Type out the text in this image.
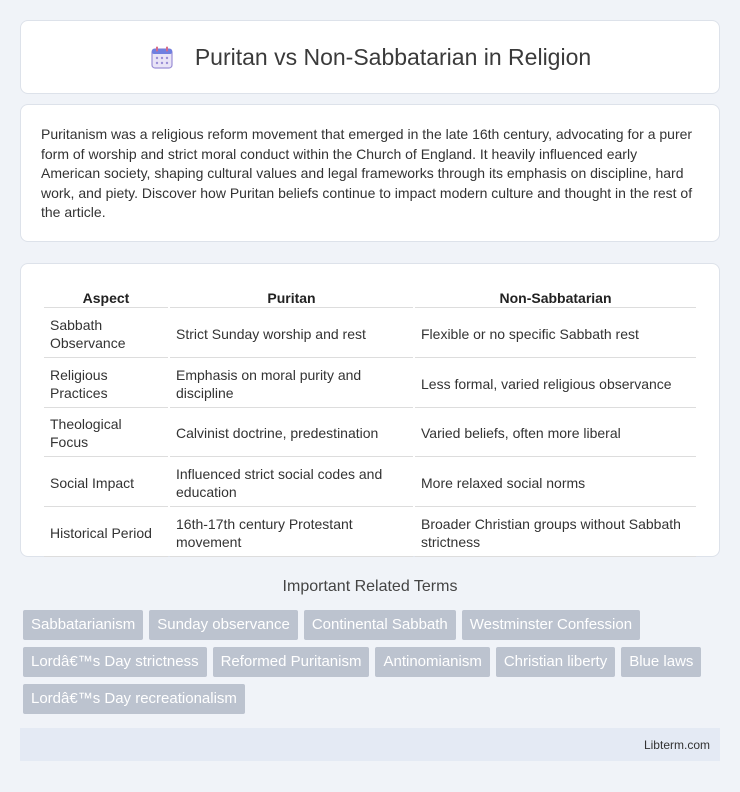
Puritan vs Non-Sabbatarian in Religion

Puritanism was a religious reform movement that emerged in the late 16th century, advocating for a purer form of worship and strict moral conduct within the Church of England. It heavily influenced early American society, shaping cultural values and legal frameworks through its emphasis on discipline, hard work, and piety. Discover how Puritan beliefs continue to impact modern culture and thought in the rest of the article.

Aspect	Puritan	Non-Sabbatarian
Sabbath Observance	Strict Sunday worship and rest	Flexible or no specific Sabbath rest
Religious Practices	Emphasis on moral purity and discipline	Less formal, varied religious observance
Theological Focus	Calvinist doctrine, predestination	Varied beliefs, often more liberal
Social Impact	Influenced strict social codes and education	More relaxed social norms
Historical Period	16th-17th century Protestant movement	Broader Christian groups without Sabbath strictness
Important Related Terms
Sabbatarianism	Sunday observance	Continental Sabbath	Westminster Confession
Lordâ€™s Day strictness	Reformed Puritanism	Antinomianism	Christian liberty	Blue laws
Lordâ€™s Day recreationalism
Libterm.com
